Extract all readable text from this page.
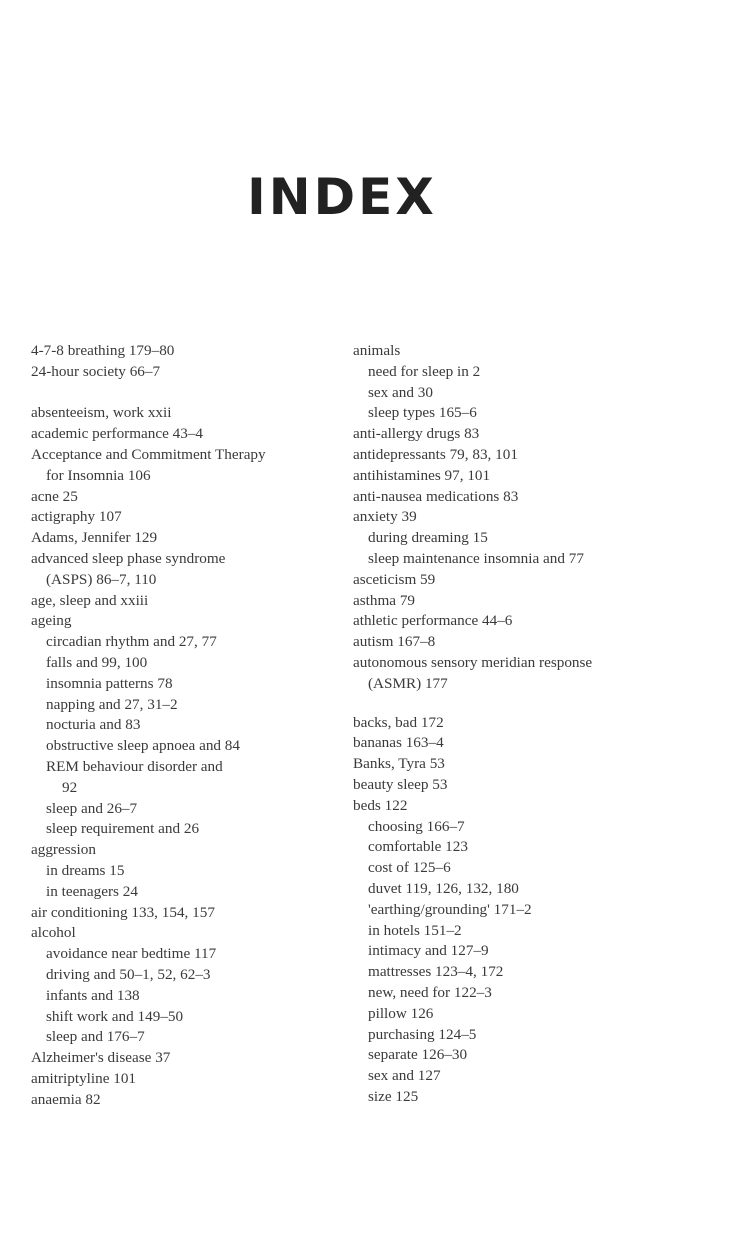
INDEX
4-7-8 breathing 179–80
24-hour society 66–7
absenteeism, work xxii
academic performance 43–4
Acceptance and Commitment Therapy
for Insomnia 106
acne 25
actigraphy 107
Adams, Jennifer 129
advanced sleep phase syndrome
(ASPS) 86–7, 110
age, sleep and xxiii
ageing
circadian rhythm and 27, 77
falls and 99, 100
insomnia patterns 78
napping and 27, 31–2
nocturia and 83
obstructive sleep apnoea and 84
REM behaviour disorder and
92
sleep and 26–7
sleep requirement and 26
aggression
in dreams 15
in teenagers 24
air conditioning 133, 154, 157
alcohol
avoidance near bedtime 117
driving and 50–1, 52, 62–3
infants and 138
shift work and 149–50
sleep and 176–7
Alzheimer's disease 37
amitriptyline 101
anaemia 82
animals
need for sleep in 2
sex and 30
sleep types 165–6
anti-allergy drugs 83
antidepressants 79, 83, 101
antihistamines 97, 101
anti-nausea medications 83
anxiety 39
during dreaming 15
sleep maintenance insomnia and 77
asceticism 59
asthma 79
athletic performance 44–6
autism 167–8
autonomous sensory meridian response
(ASMR) 177
backs, bad 172
bananas 163–4
Banks, Tyra 53
beauty sleep 53
beds 122
choosing 166–7
comfortable 123
cost of 125–6
duvet 119, 126, 132, 180
'earthing/grounding' 171–2
in hotels 151–2
intimacy and 127–9
mattresses 123–4, 172
new, need for 122–3
pillow 126
purchasing 124–5
separate 126–30
sex and 127
size 125
